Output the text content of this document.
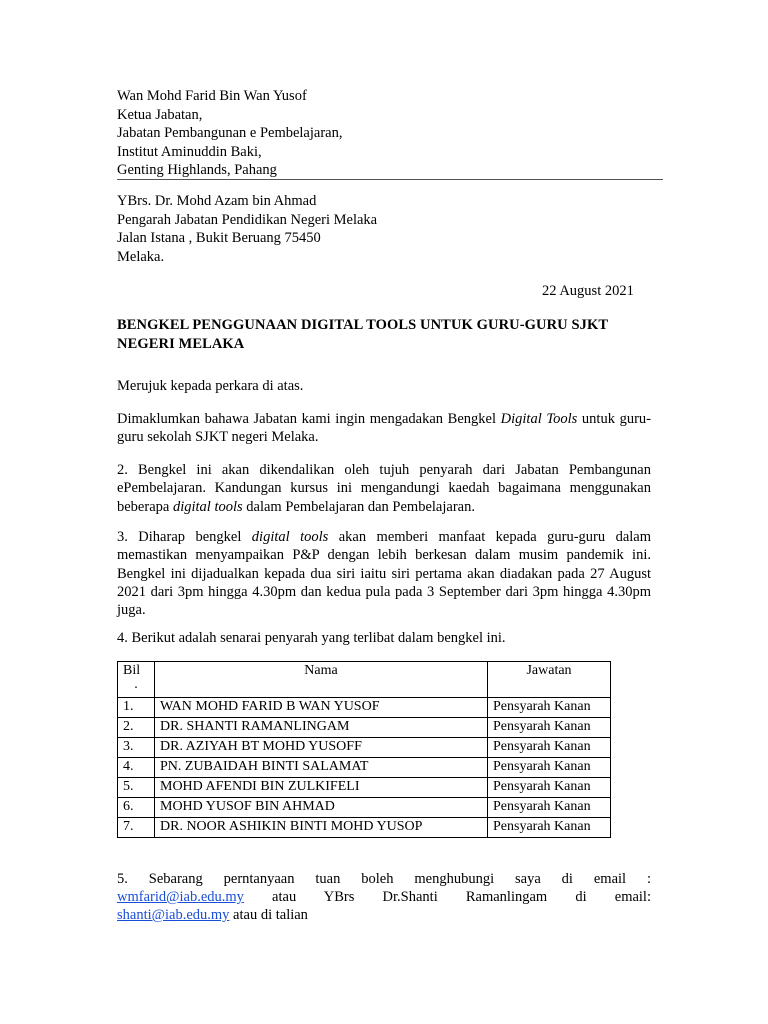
Wan Mohd Farid Bin Wan Yusof
Ketua Jabatan,
Jabatan Pembangunan e Pembelajaran,
Institut Aminuddin Baki,
Genting Highlands, Pahang
YBrs. Dr. Mohd Azam bin Ahmad
Pengarah Jabatan Pendidikan Negeri Melaka
Jalan Istana , Bukit Beruang 75450
Melaka.
22 August 2021
BENGKEL PENGGUNAAN DIGITAL TOOLS UNTUK GURU-GURU SJKT NEGERI MELAKA
Merujuk kepada perkara di atas.
Dimaklumkan bahawa Jabatan kami ingin mengadakan Bengkel Digital Tools untuk guru-guru sekolah SJKT negeri Melaka.
2. Bengkel ini akan dikendalikan oleh tujuh penyarah dari Jabatan Pembangunan ePembelajaran. Kandungan kursus ini mengandungi kaedah bagaimana menggunakan beberapa digital tools dalam Pembelajaran dan Pembelajaran.
3. Diharap bengkel digital tools akan memberi manfaat kepada guru-guru dalam memastikan menyampaikan P&P dengan lebih berkesan dalam musim pandemik ini. Bengkel ini dijadualkan kepada dua siri iaitu siri pertama akan diadakan pada 27 August 2021 dari 3pm hingga 4.30pm dan kedua pula pada 3 September dari 3pm hingga 4.30pm juga.
4. Berikut adalah senarai penyarah yang terlibat dalam bengkel ini.
Bil

.	Nama	Jawatan
1.	WAN MOHD FARID B WAN YUSOF	Pensyarah Kanan
2.	DR. SHANTI RAMANLINGAM	Pensyarah Kanan
3.	DR. AZIYAH BT MOHD YUSOFF	Pensyarah Kanan
4.	PN. ZUBAIDAH BINTI SALAMAT	Pensyarah Kanan
5.	MOHD AFENDI BIN ZULKIFELI	Pensyarah Kanan
6.	MOHD YUSOF BIN AHMAD	Pensyarah Kanan
7.	DR. NOOR ASHIKIN BINTI MOHD YUSOP	Pensyarah Kanan
5. Sebarang perntanyaan tuan boleh menghubungi saya di email :
wmfarid@iab.edu.my atau YBrs Dr.Shanti Ramanlingam di email:
shanti@iab.edu.my atau di talian
